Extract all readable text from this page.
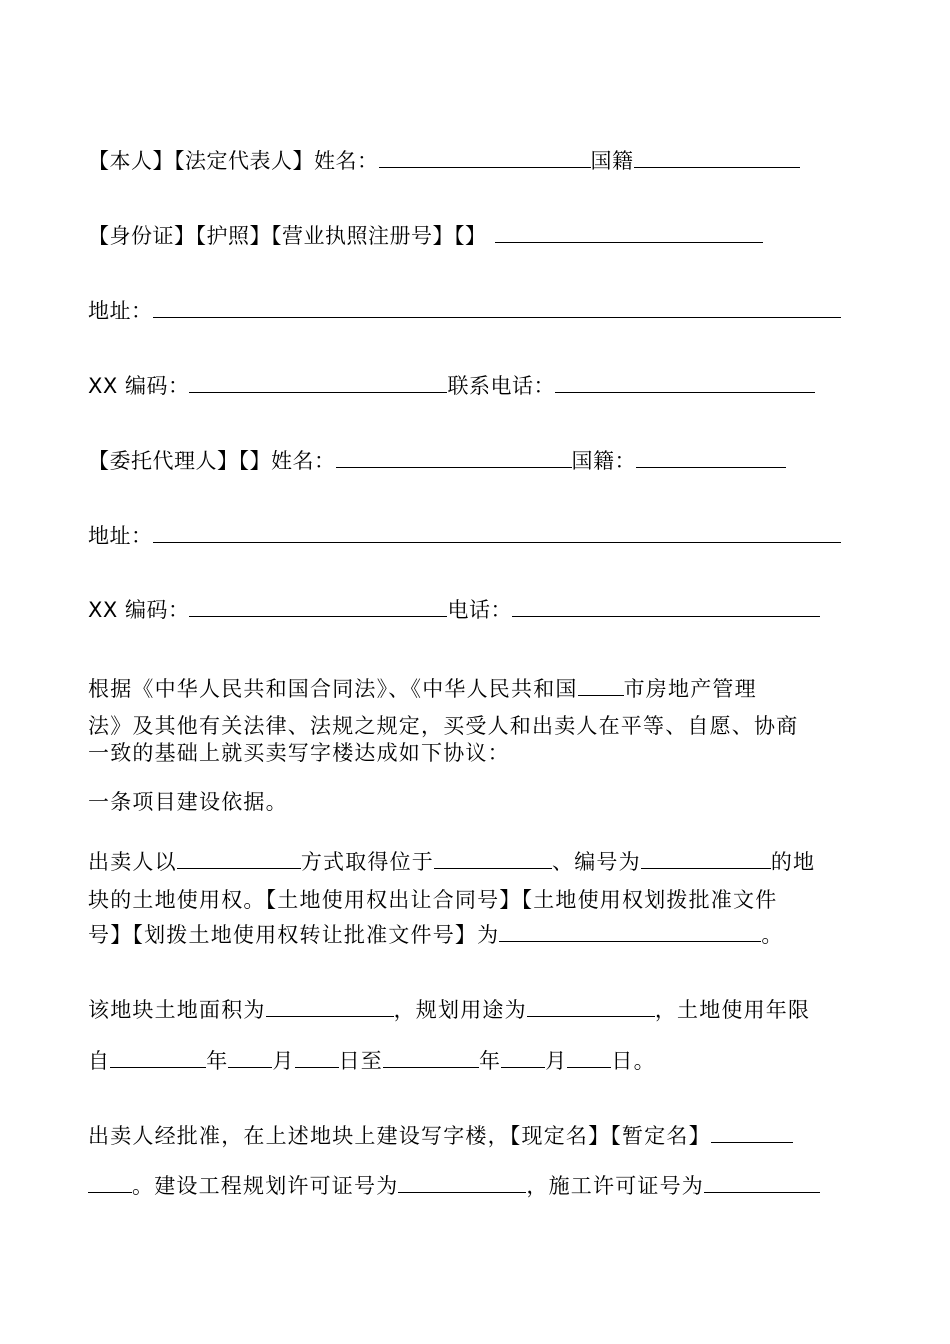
【本人】【法定代表人】姓名：	国籍
【身份证】【护照】【营业执照注册号】【】
地址：
XX 编码：	联系电话：
【委托代理人】【】姓名：	国籍：
地址：
XX 编码：	电话：
根据《中华人民共和国合同法》、《中华人民共和国 市房地产管理
法》及其他有关法律、法规之规定，买受人和出卖人在平等、自愿、协商
一致的基础上就买卖写字楼达成如下协议：
一条项目建设依据。
出卖人以	方式取得位于	、编号为	的地
块的土地使用权。【土地使用权出让合同号】【土地使用权划拨批准文件
号】【划拨土地使用权转让批准文件号】为	。
该地块土地面积为	，规划用途为	，土地使用年限
自	年 月 日至	年 月 日。
出卖人经批准，在上述地块上建设写字楼，【现定名】【暂定名】
。建设工程规划许可证号为	，施工许可证号为
